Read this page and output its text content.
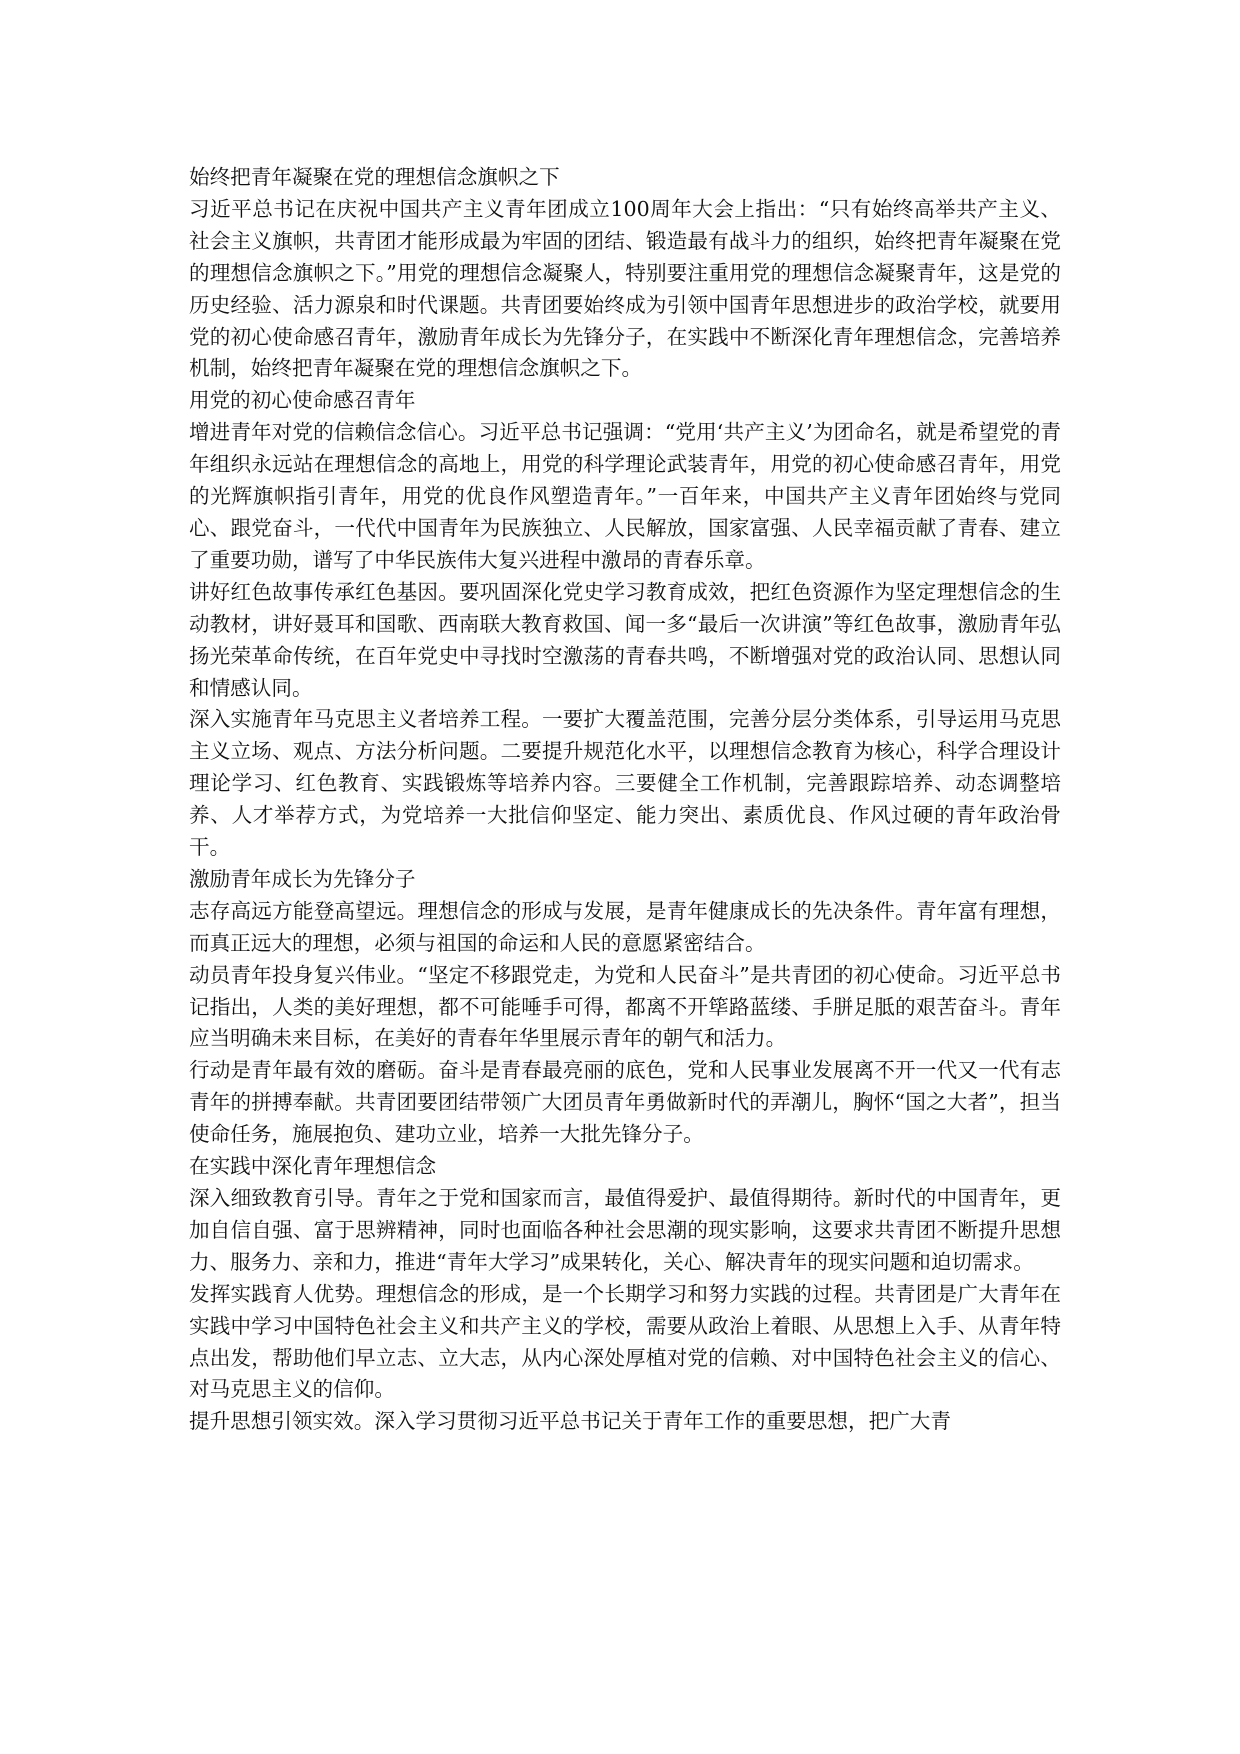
始终把青年凝聚在党的理想信念旗帜之下

习近平总书记在庆祝中国共产主义青年团成立100周年大会上指出：“只有始终高举共产主义、社会主义旗帜，共青团才能形成最为牢固的团结、锻造最有战斗力的组织，始终把青年凝聚在党的理想信念旗帜之下。”用党的理想信念凝聚人，特别要注重用党的理想信念凝聚青年，这是党的历史经验、活力源泉和时代课题。共青团要始终成为引领中国青年思想进步的政治学校，就要用党的初心使命感召青年，激励青年成长为先锋分子，在实践中不断深化青年理想信念，完善培养机制，始终把青年凝聚在党的理想信念旗帜之下。

用党的初心使命感召青年

增进青年对党的信赖信念信心。习近平总书记强调：“党用‘共产主义’为团命名，就是希望党的青年组织永远站在理想信念的高地上，用党的科学理论武装青年，用党的初心使命感召青年，用党的光辉旗帜指引青年，用党的优良作风塑造青年。”一百年来，中国共产主义青年团始终与党同心、跟党奋斗，一代代中国青年为民族独立、人民解放，国家富强、人民幸福贡献了青春、建立了重要功勋，谱写了中华民族伟大复兴进程中激昂的青春乐章。

讲好红色故事传承红色基因。要巩固深化党史学习教育成效，把红色资源作为坚定理想信念的生动教材，讲好聂耳和国歌、西南联大教育救国、闻一多“最后一次讲演”等红色故事，激励青年弘扬光荣革命传统，在百年党史中寻找时空激荡的青春共鸣，不断增强对党的政治认同、思想认同和情感认同。

深入实施青年马克思主义者培养工程。一要扩大覆盖范围，完善分层分类体系，引导运用马克思主义立场、观点、方法分析问题。二要提升规范化水平，以理想信念教育为核心，科学合理设计理论学习、红色教育、实践锻炼等培养内容。三要健全工作机制，完善跟踪培养、动态调整培养、人才举荐方式，为党培养一大批信仰坚定、能力突出、素质优良、作风过硬的青年政治骨干。

激励青年成长为先锋分子

志存高远方能登高望远。理想信念的形成与发展，是青年健康成长的先决条件。青年富有理想，而真正远大的理想，必须与祖国的命运和人民的意愿紧密结合。

动员青年投身复兴伟业。“坚定不移跟党走，为党和人民奋斗”是共青团的初心使命。习近平总书记指出，人类的美好理想，都不可能唾手可得，都离不开筚路蓝缕、手胼足胝的艰苦奋斗。青年应当明确未来目标，在美好的青春年华里展示青年的朝气和活力。

行动是青年最有效的磨砺。奋斗是青春最亮丽的底色，党和人民事业发展离不开一代又一代有志青年的拼搏奉献。共青团要团结带领广大团员青年勇做新时代的弄潮儿，胸怀“国之大者”，担当使命任务，施展抱负、建功立业，培养一大批先锋分子。

在实践中深化青年理想信念

深入细致教育引导。青年之于党和国家而言，最值得爱护、最值得期待。新时代的中国青年，更加自信自强、富于思辨精神，同时也面临各种社会思潮的现实影响，这要求共青团不断提升思想力、服务力、亲和力，推进“青年大学习”成果转化，关心、解决青年的现实问题和迫切需求。

发挥实践育人优势。理想信念的形成，是一个长期学习和努力实践的过程。共青团是广大青年在实践中学习中国特色社会主义和共产主义的学校，需要从政治上着眼、从思想上入手、从青年特点出发，帮助他们早立志、立大志，从内心深处厚植对党的信赖、对中国特色社会主义的信心、对马克思主义的信仰。

提升思想引领实效。深入学习贯彻习近平总书记关于青年工作的重要思想，把广大青
